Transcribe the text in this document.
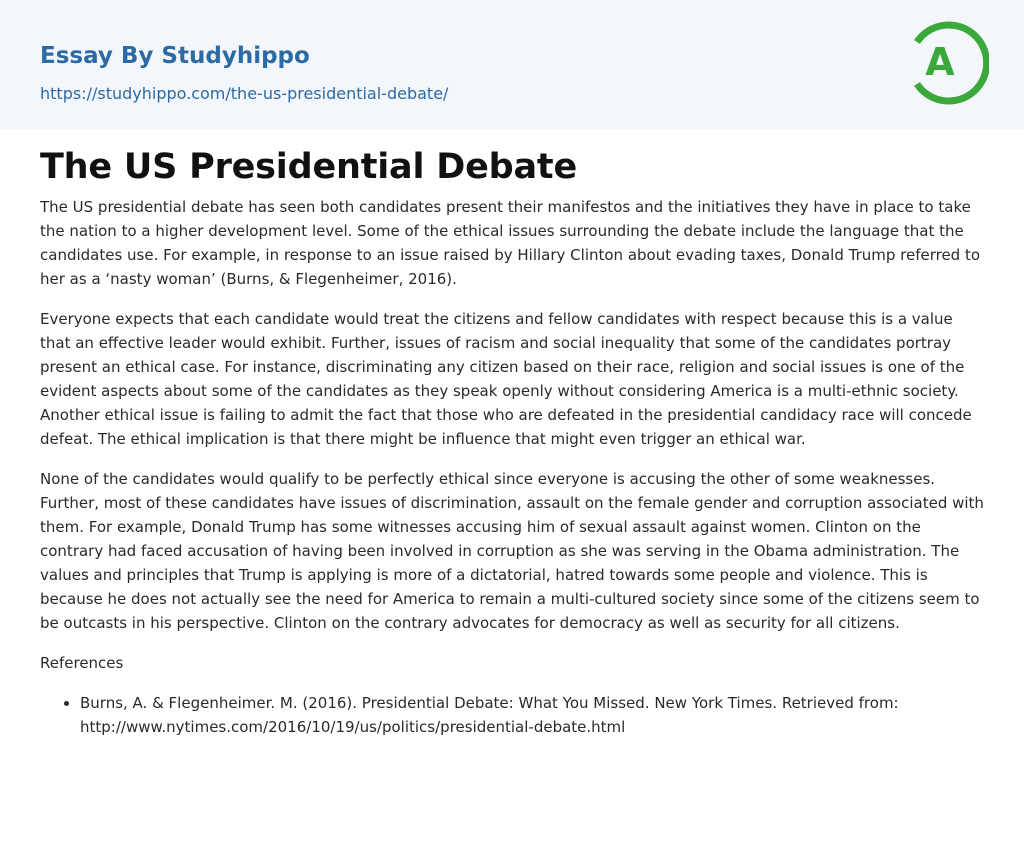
Essay By Studyhippo
https://studyhippo.com/the-us-presidential-debate/
A
The US Presidential Debate

The US presidential debate has seen both candidates present their manifestos and the initiatives they have in place to take the nation to a higher development level. Some of the ethical issues surrounding the debate include the language that the candidates use. For example, in response to an issue raised by Hillary Clinton about evading taxes, Donald Trump referred to her as a ‘nasty woman’ (Burns, & Flegenheimer, 2016).

Everyone expects that each candidate would treat the citizens and fellow candidates with respect because this is a value that an effective leader would exhibit. Further, issues of racism and social inequality that some of the candidates portray present an ethical case. For instance, discriminating any citizen based on their race, religion and social issues is one of the evident aspects about some of the candidates as they speak openly without considering America is a multi-ethnic society. Another ethical issue is failing to admit the fact that those who are defeated in the presidential candidacy race will concede defeat. The ethical implication is that there might be influence that might even trigger an ethical war.

None of the candidates would qualify to be perfectly ethical since everyone is accusing the other of some weaknesses. Further, most of these candidates have issues of discrimination, assault on the female gender and corruption associated with them. For example, Donald Trump has some witnesses accusing him of sexual assault against women. Clinton on the contrary had faced accusation of having been involved in corruption as she was serving in the Obama administration. The values and principles that Trump is applying is more of a dictatorial, hatred towards some people and violence. This is because he does not actually see the need for America to remain a multi-cultured society since some of the citizens seem to be outcasts in his perspective. Clinton on the contrary advocates for democracy as well as security for all citizens.

References
• Burns, A. & Flegenheimer. M. (2016). Presidential Debate: What You Missed. New York Times. Retrieved from: http://www.nytimes.com/2016/10/19/us/politics/presidential-debate.html
